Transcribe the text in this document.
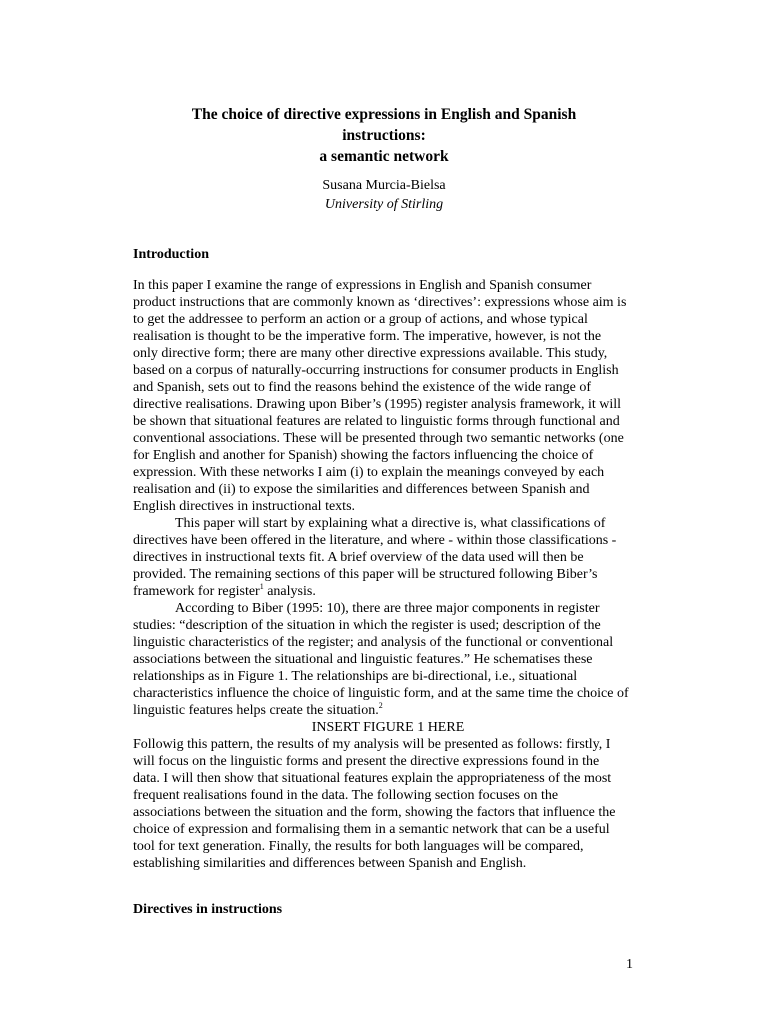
The choice of directive expressions in English and Spanish
instructions:
a semantic network
Susana Murcia-Bielsa
University of Stirling
Introduction
In this paper I examine the range of expressions in English and Spanish consumer
product instructions that are commonly known as ‘directives’: expressions whose aim is
to get the addressee to perform an action or a group of actions, and whose typical
realisation is thought to be the imperative form. The imperative, however, is not the
only directive form; there are many other directive expressions available. This study,
based on a corpus of naturally-occurring instructions for consumer products in English
and Spanish, sets out to find the reasons behind the existence of the wide range of
directive realisations. Drawing upon Biber’s (1995) register analysis framework, it will
be shown that situational features are related to linguistic forms through functional and
conventional associations. These will be presented through two semantic networks (one
for English and another for Spanish) showing the factors influencing the choice of
expression. With these networks I aim (i) to explain the meanings conveyed by each
realisation and (ii) to expose the similarities and differences between Spanish and
English directives in instructional texts.
This paper will start by explaining what a directive is, what classifications of
directives have been offered in the literature, and where - within those classifications -
directives in instructional texts fit. A brief overview of the data used will then be
provided. The remaining sections of this paper will be structured following Biber’s
framework for register$^1$ analysis.
According to Biber (1995: 10), there are three major components in register
studies: “description of the situation in which the register is used; description of the
linguistic characteristics of the register; and analysis of the functional or conventional
associations between the situational and linguistic features.” He schematises these
relationships as in Figure 1. The relationships are bi-directional, i.e., situational
characteristics influence the choice of linguistic form, and at the same time the choice of
linguistic features helps create the situation.$^2$
INSERT FIGURE 1 HERE
Followig this pattern, the results of my analysis will be presented as follows: firstly, I
will focus on the linguistic forms and present the directive expressions found in the
data. I will then show that situational features explain the appropriateness of the most
frequent realisations found in the data. The following section focuses on the
associations between the situation and the form, showing the factors that influence the
choice of expression and formalising them in a semantic network that can be a useful
tool for text generation. Finally, the results for both languages will be compared,
establishing similarities and differences between Spanish and English.
Directives in instructions
1
